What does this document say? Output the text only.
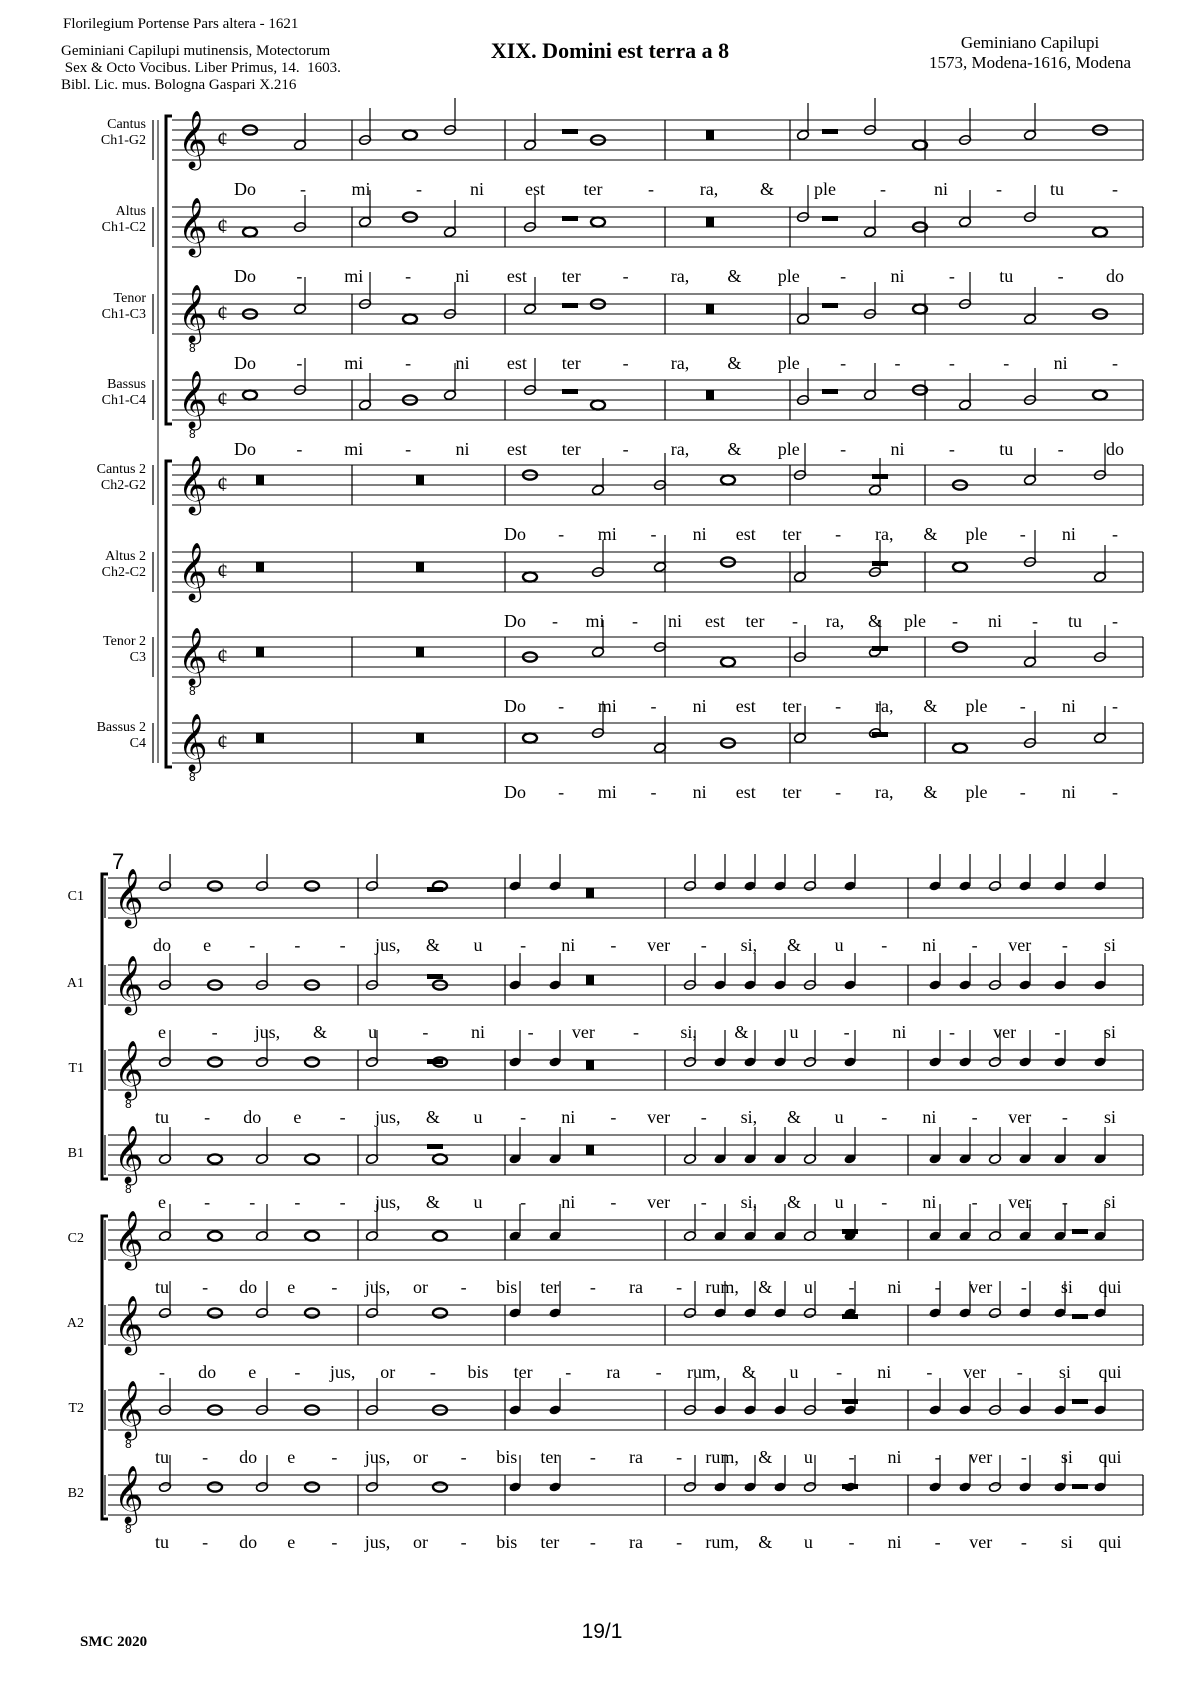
Florilegium Portense Pars altera - 1621
Geminiani Capilupi mutinensis, Motectorum
Sex & Octo Vocibus. Liber Primus, 14.  1603.
Bibl. Lic. mus. Bologna Gaspari X.216
XIX. Domini est terra a 8	Geminiano Capilupi
1573, Modena-1616, Modena
Cantus
Ch1-G2
Altus
Ch1-C2
Tenor
Ch1-C3
Bassus
Ch1-C4
Cantus 2
Ch2-G2
Altus 2
Ch2-C2
Tenor 2
C3
Bassus 2
C4
C1
A1
T1
B1
C2
A2
T2
B2
𝄞 ¢
𝄞 ¢
𝄞
8
¢
𝄞
8
¢
𝄞 ¢
𝄞 ¢
𝄞
8
¢
𝄞
8
¢
𝄞
𝄞
𝄞
8
𝄞
8
𝄞
𝄞
𝄞
8
𝄞
8
Do -	mi	-	ni est ter	-	ra, & ple -	ni	-	tu	-
Do - mi - ni est ter - ra, & ple - ni - tu - do
Do - mi - ni est ter - ra, & ple -	-	-	- ni -
Do - mi - ni est ter - ra, & ple - ni - tu - do
Do - mi - ni est ter - ra, & ple - ni -
Do - mi - ni est ter - ra, & ple - ni - tu -
Do - mi - ni est ter - ra, & ple - ni -
Do - mi - ni est ter - ra, & ple - ni -
do e - - - jus, & u - ni - ver - si, & u - ni - ver - si
e	- jus, & u	- ni - ver - si, & u	- ni - ver - si
tu - do e - jus, & u - ni - ver - si, & u - ni - ver - si
e - - - - jus, & u - ni - ver - si, & u - ni - ver - si
tu - do e - jus, or - bis ter - ra - rum, & u - ni - ver - si qui
- do e - jus, or - bis ter - ra - rum, & u - ni - ver - si qui
tu - do e - jus, or - bis ter - ra - rum, & u - ni - ver - si qui
tu - do e - jus, or - bis ter - ra - rum, & u - ni - ver - si qui
7
SMC 2020	19/1
